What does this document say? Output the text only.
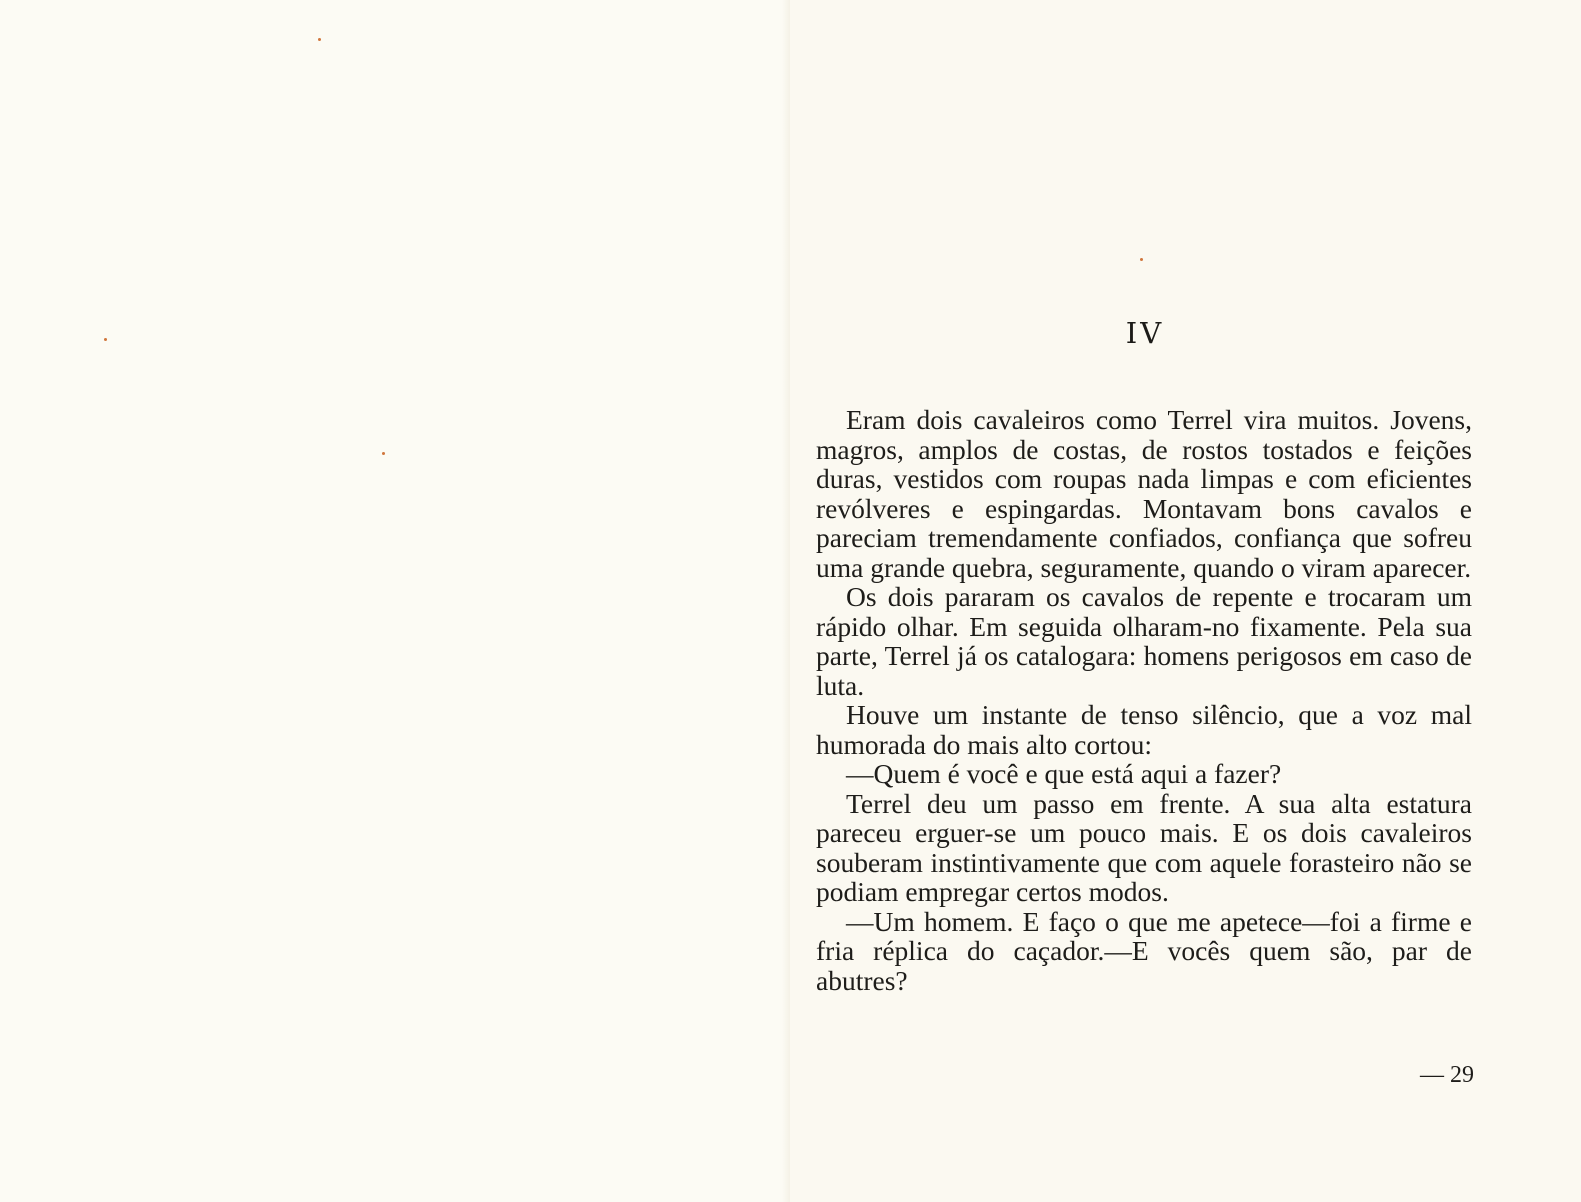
IV

Eram dois cavaleiros como Terrel vira muitos. Jovens, magros, amplos de costas, de rostos tostados e feições duras, vestidos com roupas nada limpas e com eficientes revólveres e espingardas. Montavam bons cavalos e pareciam tremendamente confiados, confiança que sofreu uma grande quebra, seguramente, quando o viram aparecer.

Os dois pararam os cavalos de repente e trocaram um rápido olhar. Em seguida olharam-no fixamente. Pela sua parte, Terrel já os catalogara: homens perigosos em caso de luta.

Houve um instante de tenso silêncio, que a voz mal humorada do mais alto cortou:

—Quem é você e que está aqui a fazer?

Terrel deu um passo em frente. A sua alta estatura pareceu erguer-se um pouco mais. E os dois cavaleiros souberam instintivamente que com aquele forasteiro não se podiam empregar certos modos.

—Um homem. E faço o que me apetece—foi a firme e fria réplica do caçador.—E vocês quem são, par de abutres?

— 29
